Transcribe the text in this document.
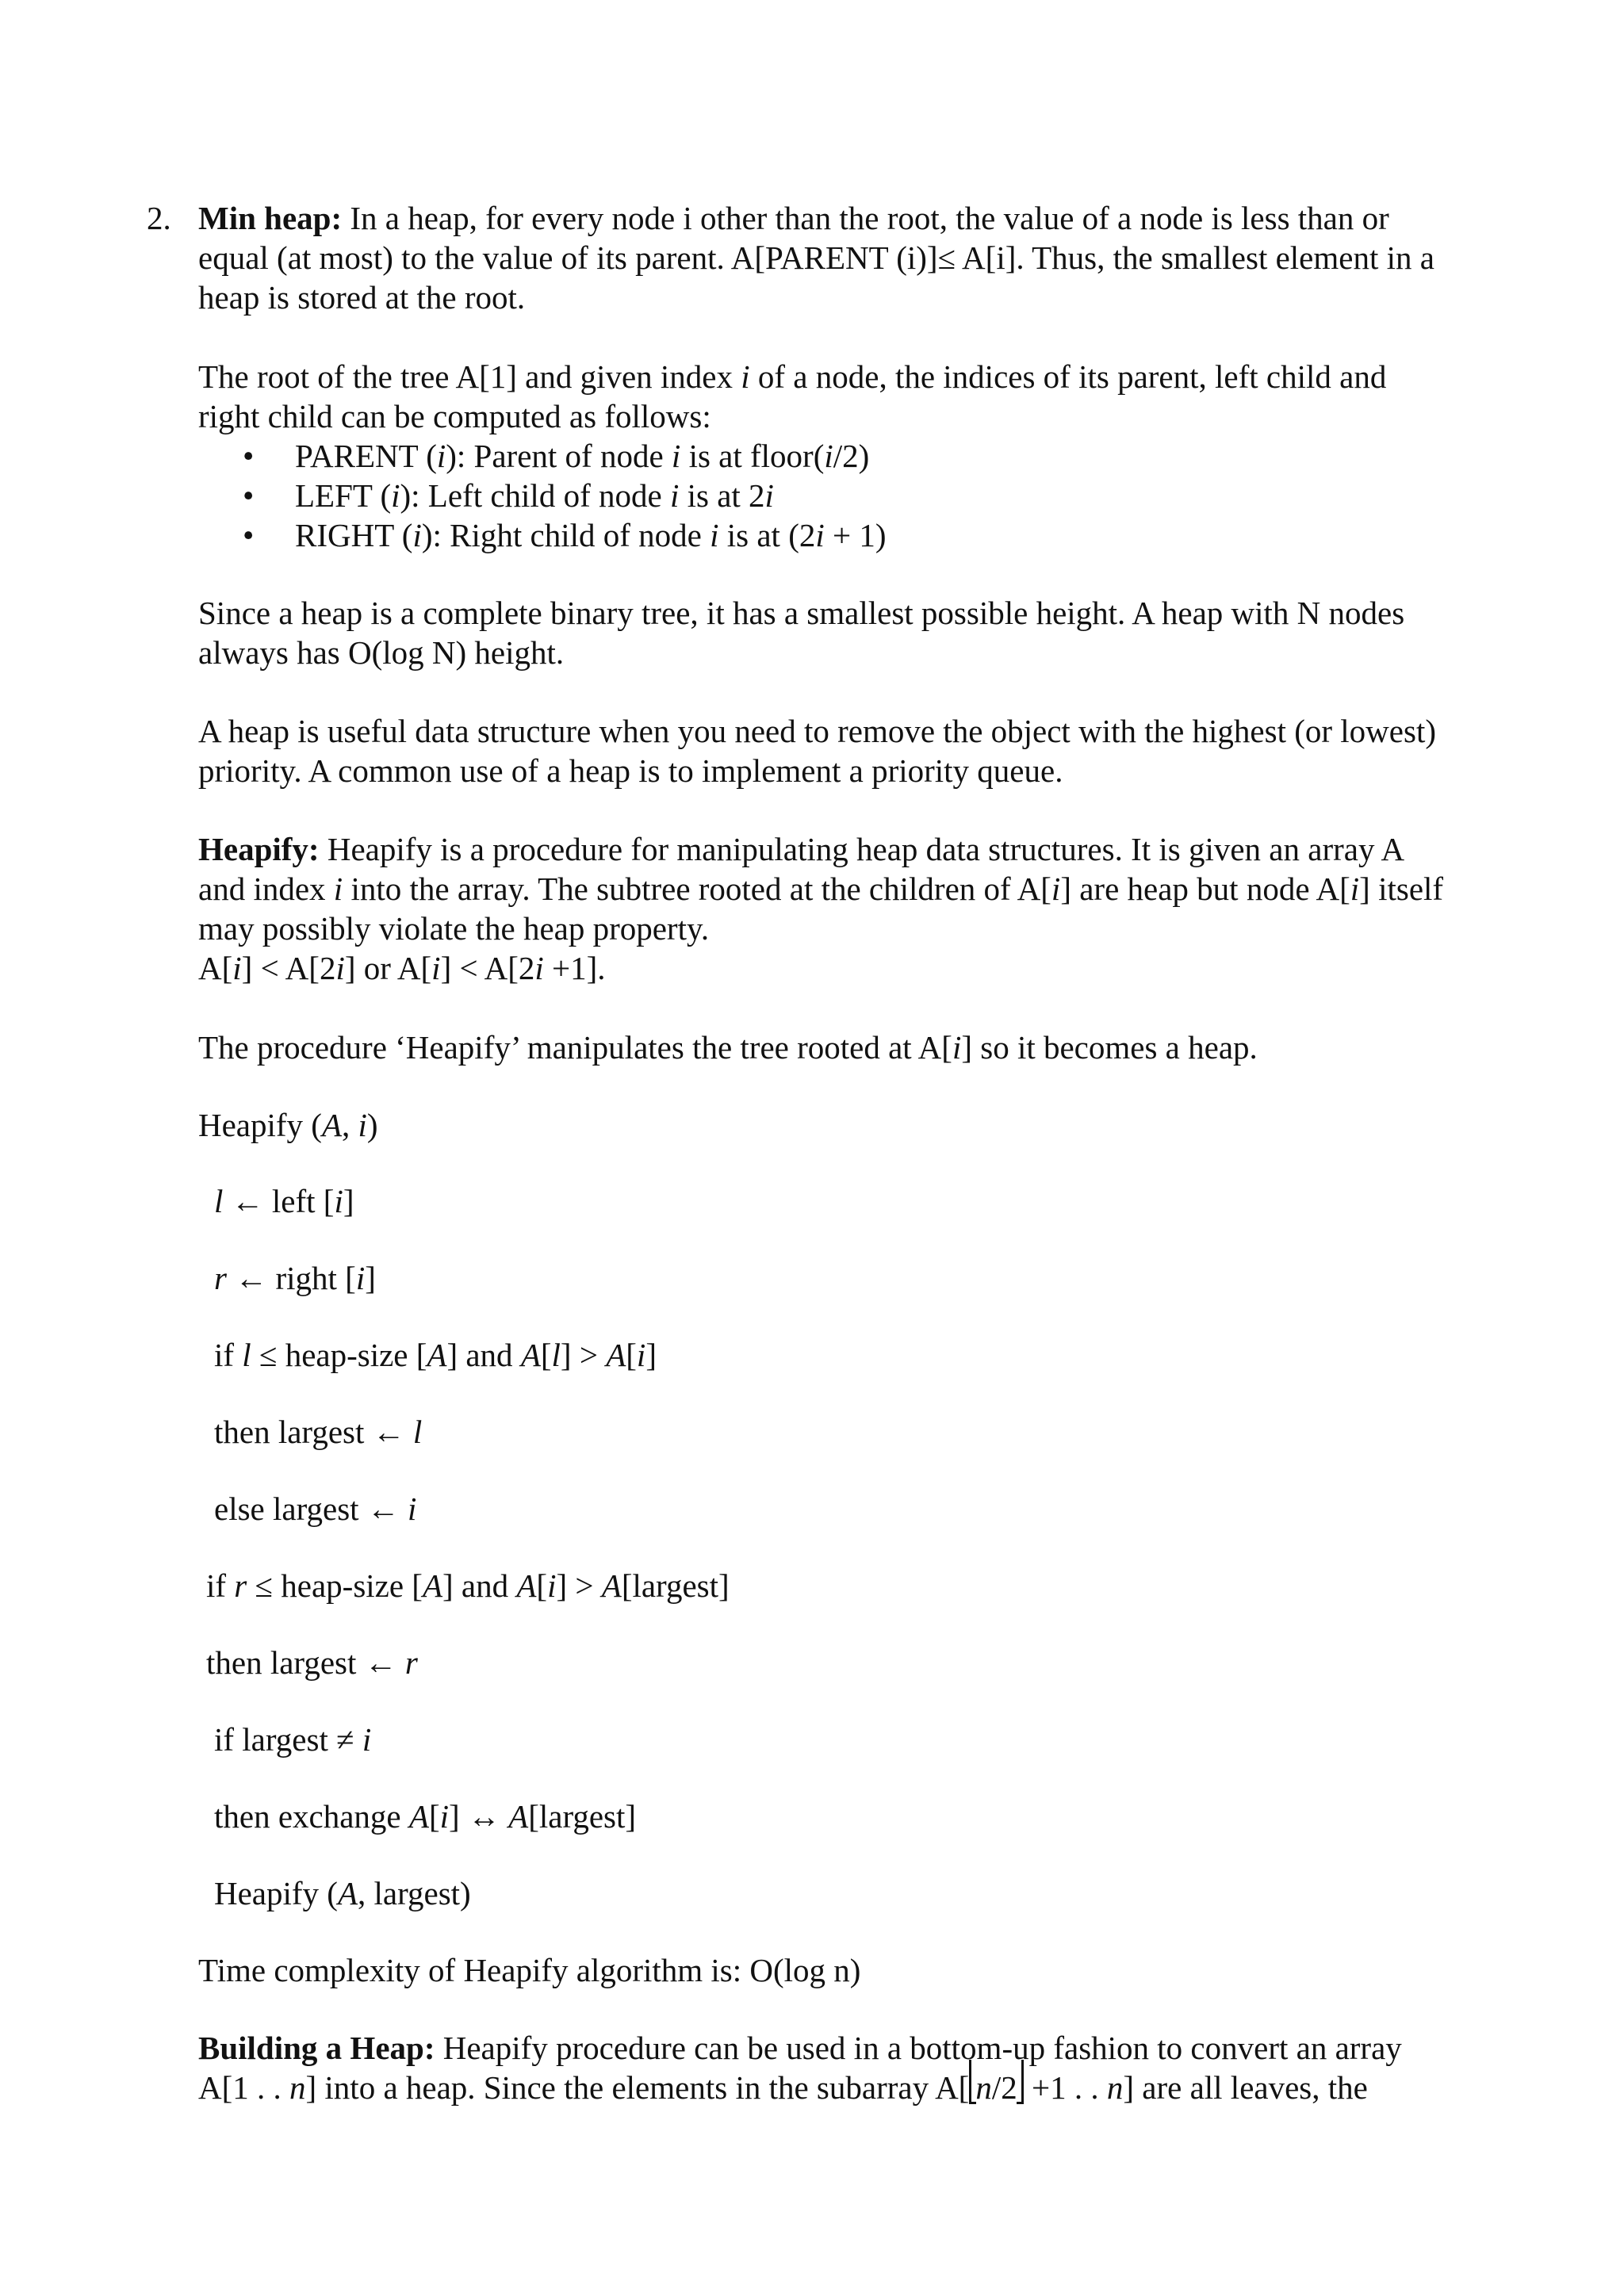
2. Min heap: In a heap, for every node i other than the root, the value of a node is less than or equal (at most) to the value of its parent. A[PARENT (i)]≤ A[i]. Thus, the smallest element in a heap is stored at the root.

The root of the tree A[1] and given index i of a node, the indices of its parent, left child and right child can be computed as follows:

• PARENT (i): Parent of node i is at floor(i/2)
• LEFT (i): Left child of node i is at 2i
• RIGHT (i): Right child of node i is at (2i + 1)

Since a heap is a complete binary tree, it has a smallest possible height. A heap with N nodes always has O(log N) height.

A heap is useful data structure when you need to remove the object with the highest (or lowest) priority. A common use of a heap is to implement a priority queue.

Heapify: Heapify is a procedure for manipulating heap data structures. It is given an array A and index i into the array. The subtree rooted at the children of A[i] are heap but node A[i] itself may possibly violate the heap property.

A[i] < A[2i] or A[i] < A[2i +1].

The procedure ‘Heapify’ manipulates the tree rooted at A[i] so it becomes a heap.

Heapify (A, i)
l ← left [i]
r ← right [i]
if l ≤ heap-size [A] and A[l] > A[i]
then largest ← l
else largest ← i
if r ≤ heap-size [A] and A[i] > A[largest]
then largest ← r
if largest ≠ i
then exchange A[i] ↔ A[largest]
Heapify (A, largest)

Time complexity of Heapify algorithm is: O(log n)

Building a Heap: Heapify procedure can be used in a bottom-up fashion to convert an array A[1 . . n] into a heap. Since the elements in the subarray A[ n/2 +1 . . n] are all leaves, the
